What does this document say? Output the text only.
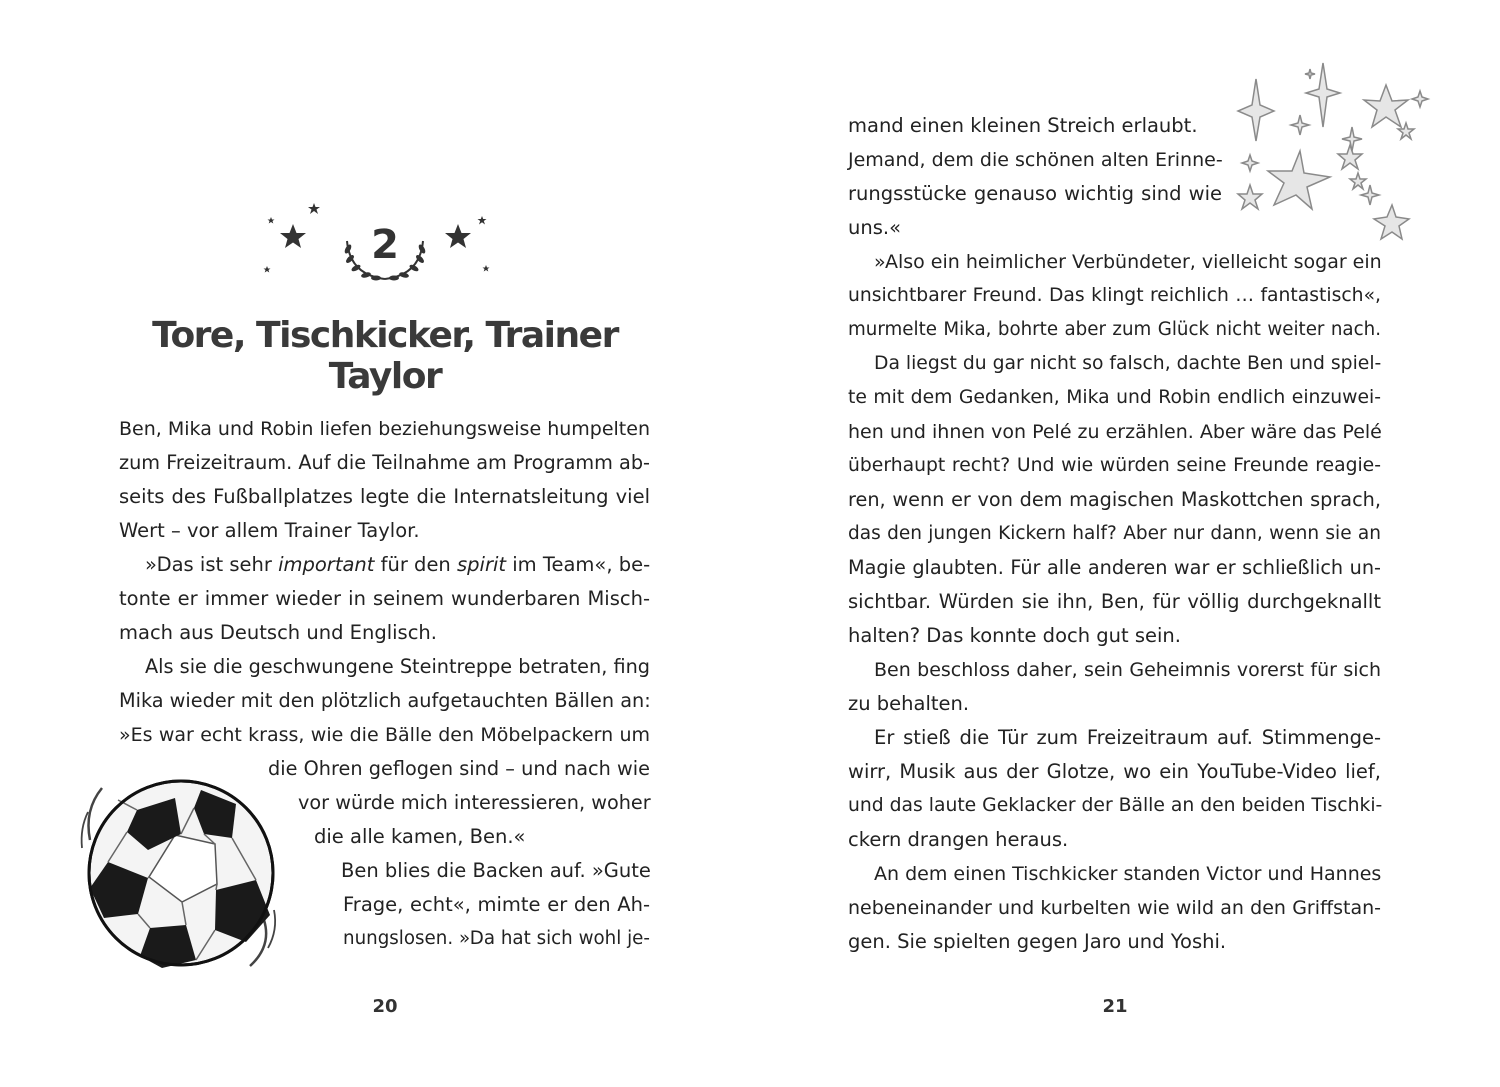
2
Tore, Tischkicker, Trainer Taylor
Ben, Mika und Robin liefen beziehungsweise humpelten
zum Freizeitraum. Auf die Teilnahme am Programm ab-
seits des Fußballplatzes legte die Internatsleitung viel
Wert – vor allem Trainer Taylor.
»Das ist sehr important für den spirit im Team«, be-
tonte er immer wieder in seinem wunderbaren Misch-
mach aus Deutsch und Englisch.
Als sie die geschwungene Steintreppe betraten, fing
Mika wieder mit den plötzlich aufgetauchten Bällen an:
»Es war echt krass, wie die Bälle den Möbelpackern um
die Ohren geflogen sind – und nach wie
vor würde mich interessieren, woher
die alle kamen, Ben.«
Ben blies die Backen auf. »Gute
Frage, echt«, mimte er den Ah-
nungslosen. »Da hat sich wohl je-
20
mand einen kleinen Streich erlaubt.
Jemand, dem die schönen alten Erinne-
rungsstücke genauso wichtig sind wie
uns.«
»Also ein heimlicher Verbündeter, vielleicht sogar ein
unsichtbarer Freund. Das klingt reichlich … fantastisch«,
murmelte Mika, bohrte aber zum Glück nicht weiter nach.
Da liegst du gar nicht so falsch, dachte Ben und spiel-
te mit dem Gedanken, Mika und Robin endlich einzuwei-
hen und ihnen von Pelé zu erzählen. Aber wäre das Pelé
überhaupt recht? Und wie würden seine Freunde reagie-
ren, wenn er von dem magischen Maskottchen sprach,
das den jungen Kickern half? Aber nur dann, wenn sie an
Magie glaubten. Für alle anderen war er schließlich un-
sichtbar. Würden sie ihn, Ben, für völlig durchgeknallt
halten? Das konnte doch gut sein.
Ben beschloss daher, sein Geheimnis vorerst für sich
zu behalten.
Er stieß die Tür zum Freizeitraum auf. Stimmenge-
wirr, Musik aus der Glotze, wo ein YouTube-Video lief,
und das laute Geklacker der Bälle an den beiden Tischki-
ckern drangen heraus.
An dem einen Tischkicker standen Victor und Hannes
nebeneinander und kurbelten wie wild an den Griffstan-
gen. Sie spielten gegen Jaro und Yoshi.
21
